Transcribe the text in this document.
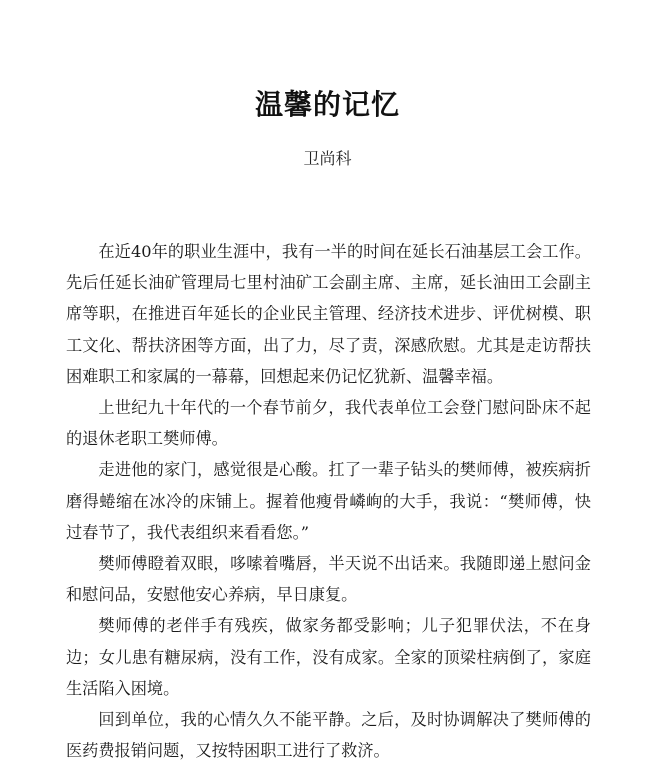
温馨的记忆
卫尚科

在近40年的职业生涯中，我有一半的时间在延长石油基层工会工作。先后任延长油矿管理局七里村油矿工会副主席、主席，延长油田工会副主席等职，在推进百年延长的企业民主管理、经济技术进步、评优树模、职工文化、帮扶济困等方面，出了力，尽了责，深感欣慰。尤其是走访帮扶困难职工和家属的一幕幕，回想起来仍记忆犹新、温馨幸福。

上世纪九十年代的一个春节前夕，我代表单位工会登门慰问卧床不起的退休老职工樊师傅。

走进他的家门，感觉很是心酸。扛了一辈子钻头的樊师傅，被疾病折磨得蜷缩在冰冷的床铺上。握着他瘦骨嶙峋的大手，我说：“樊师傅，快过春节了，我代表组织来看看您。”

樊师傅瞪着双眼，哆嗦着嘴唇，半天说不出话来。我随即递上慰问金和慰问品，安慰他安心养病，早日康复。

樊师傅的老伴手有残疾，做家务都受影响；儿子犯罪伏法，不在身边；女儿患有糖尿病，没有工作，没有成家。全家的顶梁柱病倒了，家庭生活陷入困境。

回到单位，我的心情久久不能平静。之后，及时协调解决了樊师傅的医药费报销问题，又按特困职工进行了救济。
